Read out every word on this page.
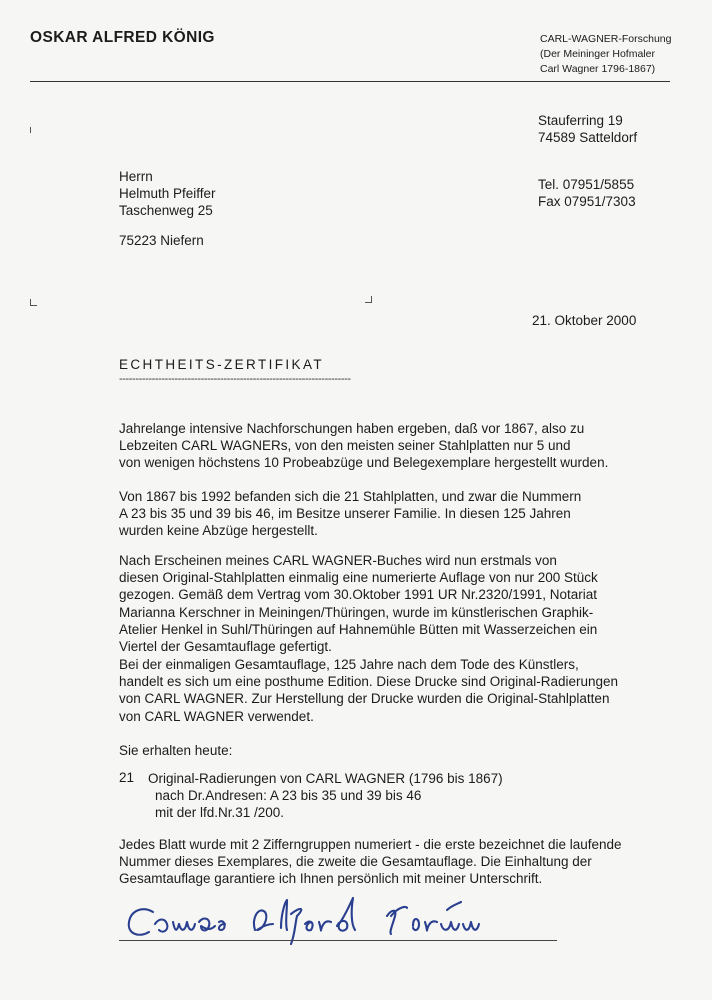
OSKAR ALFRED KÖNIG	CARL-WAGNER-Forschung
(Der Meininger Hofmaler
Carl Wagner 1796-1867)
Stauferring 19
74589 Satteldorf
Tel. 07951/5855
Fax 07951/7303
Herrn
Helmuth Pfeiffer
Taschenweg 25
75223 Niefern
21. Oktober 2000
ECHTHEITS-ZERTIFIKAT
-----------------------------------------------------------------------
Jahrelange intensive Nachforschungen haben ergeben, daß vor 1867, also zu
Lebzeiten CARL WAGNERs, von den meisten seiner Stahlplatten nur 5 und
von wenigen höchstens 10 Probeabzüge und Belegexemplare hergestellt wurden.
Von 1867 bis 1992 befanden sich die 21 Stahlplatten, und zwar die Nummern
A 23 bis 35 und 39 bis 46, im Besitze unserer Familie. In diesen 125 Jahren
wurden keine Abzüge hergestellt.
Nach Erscheinen meines CARL WAGNER-Buches wird nun erstmals von
diesen Original-Stahlplatten einmalig eine numerierte Auflage von nur 200 Stück
gezogen. Gemäß dem Vertrag vom 30.Oktober 1991 UR Nr.2320/1991, Notariat
Marianna Kerschner in Meiningen/Thüringen, wurde im künstlerischen Graphik-
Atelier Henkel in Suhl/Thüringen auf Hahnemühle Bütten mit Wasserzeichen ein
Viertel der Gesamtauflage gefertigt.
Bei der einmaligen Gesamtauflage, 125 Jahre nach dem Tode des Künstlers,
handelt es sich um eine posthume Edition. Diese Drucke sind Original-Radierungen
von CARL WAGNER. Zur Herstellung der Drucke wurden die Original-Stahlplatten
von CARL WAGNER verwendet.
Sie erhalten heute:
21 Original-Radierungen von CARL WAGNER (1796 bis 1867)
nach Dr.Andresen: A 23 bis 35 und 39 bis 46
mit der lfd.Nr.31 /200.
Jedes Blatt wurde mit 2 Zifferngruppen numeriert - die erste bezeichnet die laufende
Nummer dieses Exemplares, die zweite die Gesamtauflage. Die Einhaltung der
Gesamtauflage garantiere ich Ihnen persönlich mit meiner Unterschrift.
